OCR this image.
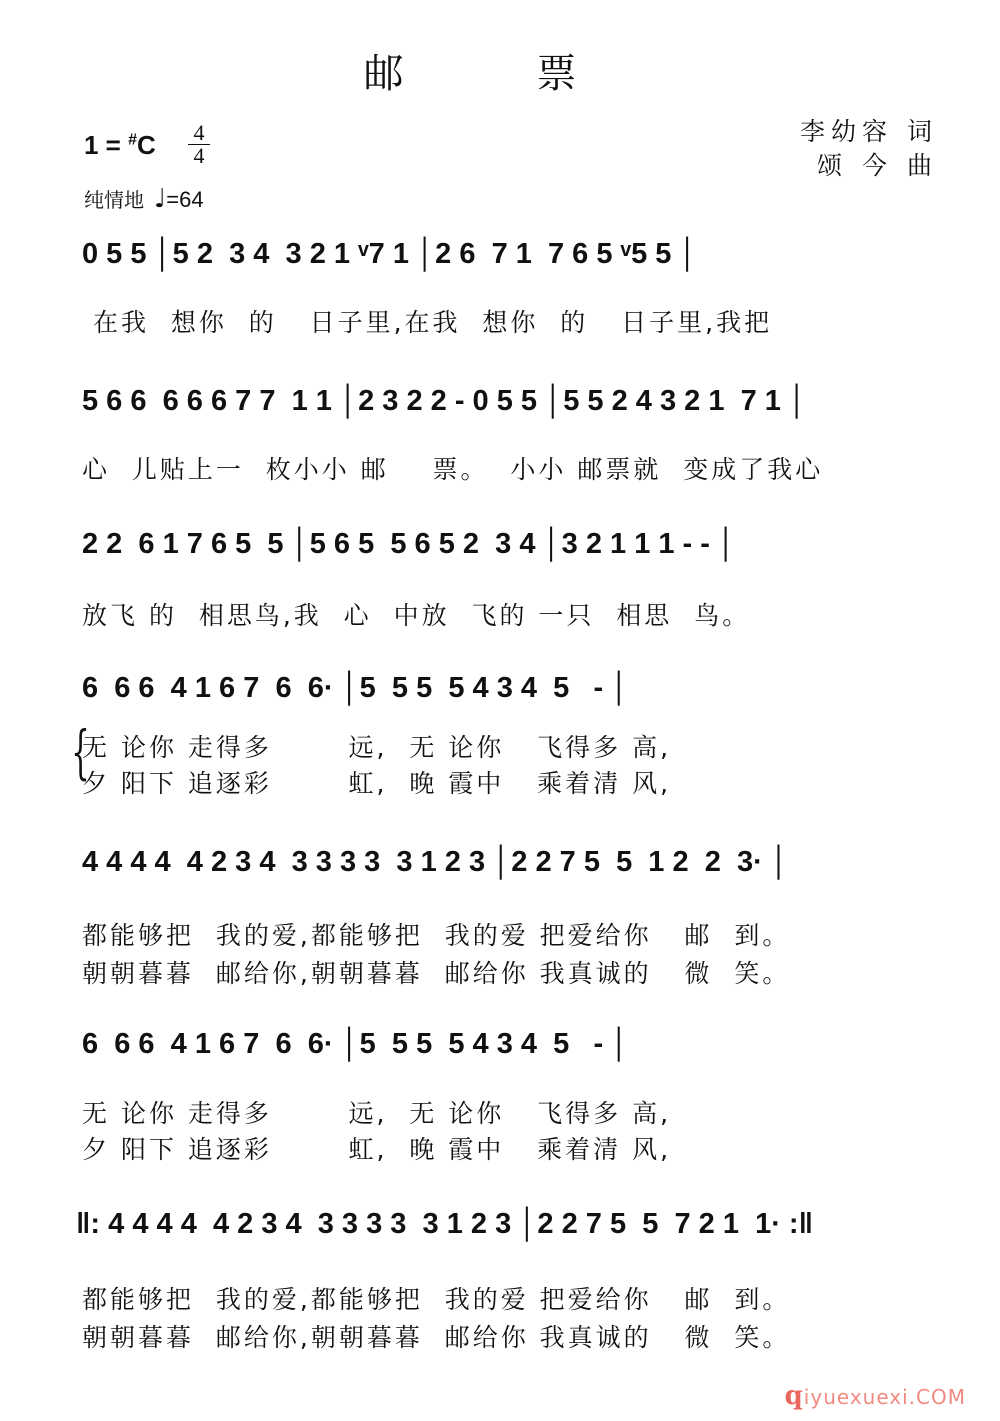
邮 票
1 = #C 4
4
纯情地 ♩=64
李幼容 词
颂 今 曲
0 5 5 │5 2  3 4  3 2 1 ᵛ7 1 │2 6  7 1  7 6 5 ᵛ5 5 │
在我  想你  的   日子里,在我  想你  的   日子里,我把
5 6 6  6 6 6 7 7  1 1 │2 3 2 2 - 0 5 5 │5 5 2 4 3 2 1  7 1 │
心  儿贴上一  枚小小 邮    票。  小小 邮票就  变成了我心
2 2  6 1 7 6 5  5 │5 6 5  5 6 5 2  3 4 │3 2 1 1 1 - - │
放飞 的  相思鸟,我  心  中放  飞的 一只  相思  鸟。
6  6 6  4 1 6 7  6  6· │5  5 5  5 4 3 4  5   - │
{
无 论你 走得多       远,  无 论你   飞得多 高,
夕 阳下 追逐彩       虹,  晚 霞中   乘着清 风,
4 4 4 4  4 2 3 4  3 3 3 3  3 1 2 3 │2 2 7 5  5  1 2  2  3· │
都能够把  我的爱,都能够把  我的爱 把爱给你   邮  到。
朝朝暮暮  邮给你,朝朝暮暮  邮给你 我真诚的   微  笑。
6  6 6  4 1 6 7  6  6· │5  5 5  5 4 3 4  5   - │
无 论你 走得多       远,  无 论你   飞得多 高,
夕 阳下 追逐彩       虹,  晚 霞中   乘着清 风,
‖: 4 4 4 4  4 2 3 4  3 3 3 3  3 1 2 3 │2 2 7 5  5  7 2 1  1· :‖
都能够把  我的爱,都能够把  我的爱 把爱给你   邮  到。
朝朝暮暮  邮给你,朝朝暮暮  邮给你 我真诚的   微  笑。
qiyuexuexi.COM
